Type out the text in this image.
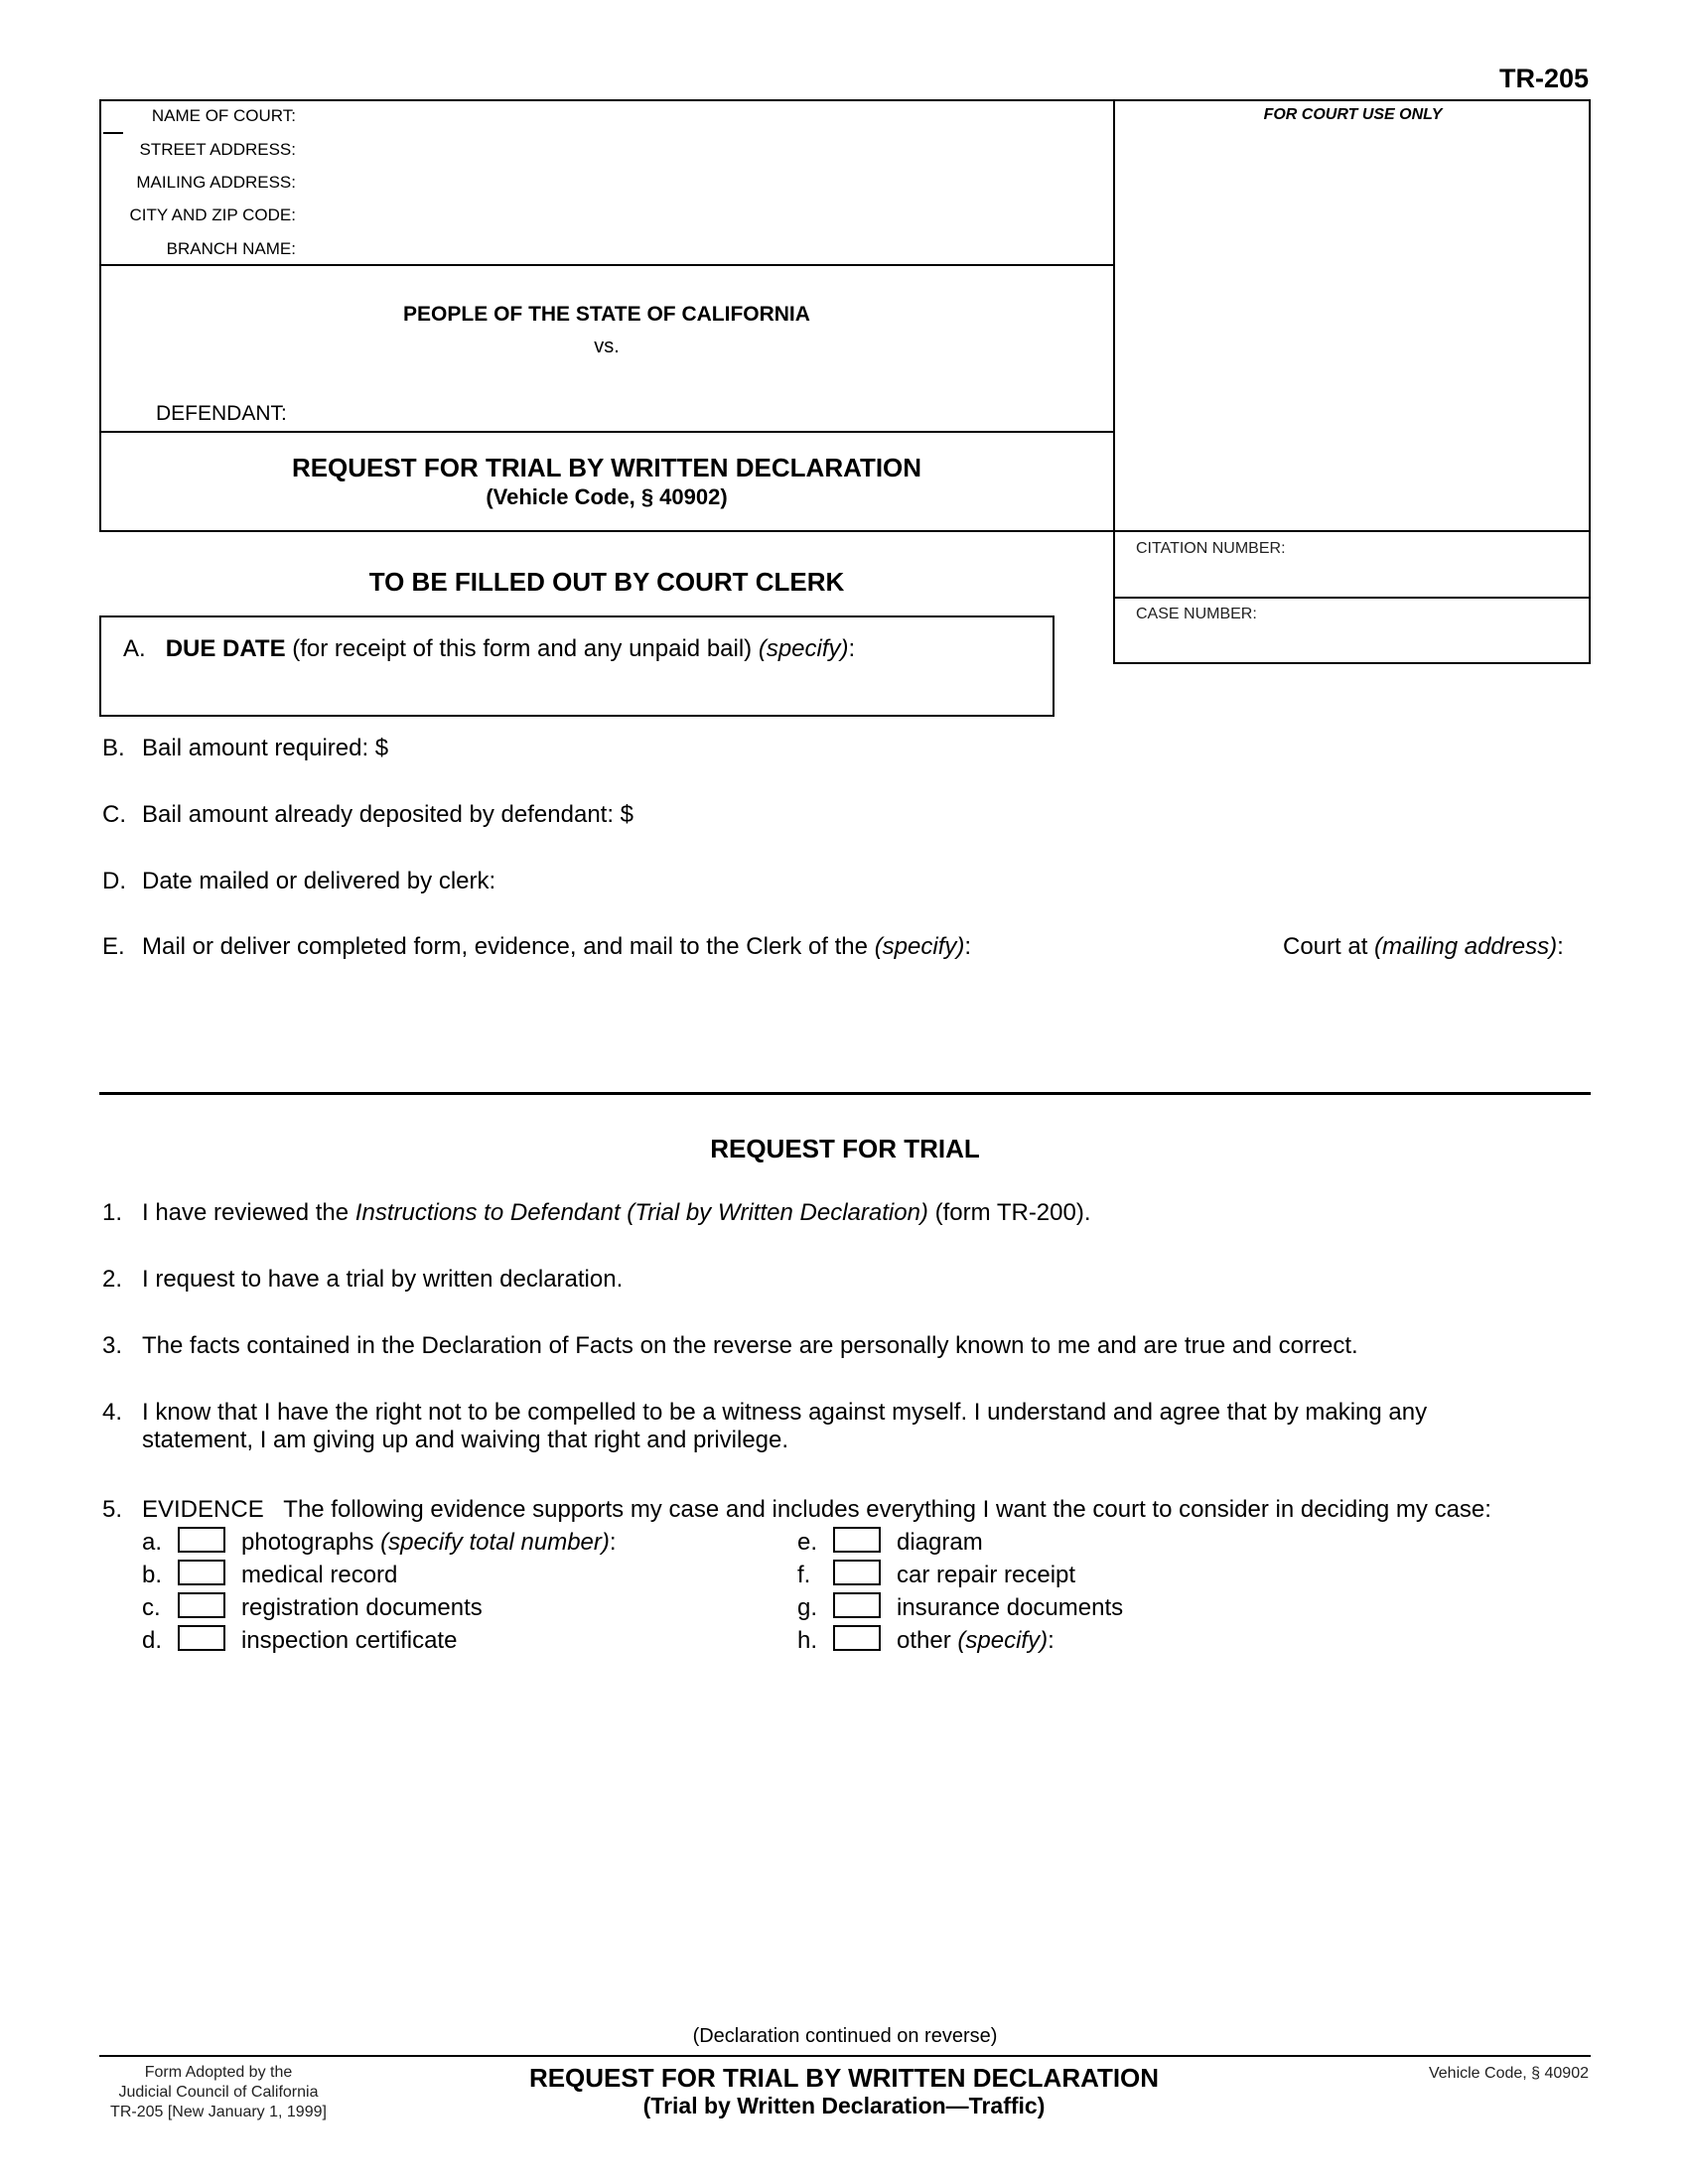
TR-205
NAME OF COURT:
STREET ADDRESS:
MAILING ADDRESS:
CITY AND ZIP CODE:
BRANCH NAME:
FOR COURT USE ONLY
PEOPLE OF THE STATE OF CALIFORNIA
vs.
DEFENDANT:
REQUEST FOR TRIAL BY WRITTEN DECLARATION
(Vehicle Code, § 40902)
CITATION NUMBER:
CASE NUMBER:
TO BE FILLED OUT BY COURT CLERK
A. DUE DATE (for receipt of this form and any unpaid bail) (specify):
B. Bail amount required: $
C. Bail amount already deposited by defendant: $
D. Date mailed or delivered by clerk:
E. Mail or deliver completed form, evidence, and mail to the Clerk of the (specify):	Court at (mailing address):
REQUEST FOR TRIAL
1. I have reviewed the Instructions to Defendant (Trial by Written Declaration) (form TR-200).
2. I request to have a trial by written declaration.
3. The facts contained in the Declaration of Facts on the reverse are personally known to me and are true and correct.
4. I know that I have the right not to be compelled to be a witness against myself. I understand and agree that by making any
statement, I am giving up and waiving that right and privilege.
5. EVIDENCE The following evidence supports my case and includes everything I want the court to consider in deciding my case:
a.	photographs (specify total number):
b.	medical record
c.	registration documents
d.	inspection certificate
e.	diagram
f.	car repair receipt
g.	insurance documents
h.	other (specify):
(Declaration continued on reverse)
Form Adopted by the
Judicial Council of California
TR-205 [New January 1, 1999]
REQUEST FOR TRIAL BY WRITTEN DECLARATION
(Trial by Written Declaration—Traffic)
Vehicle Code, § 40902
